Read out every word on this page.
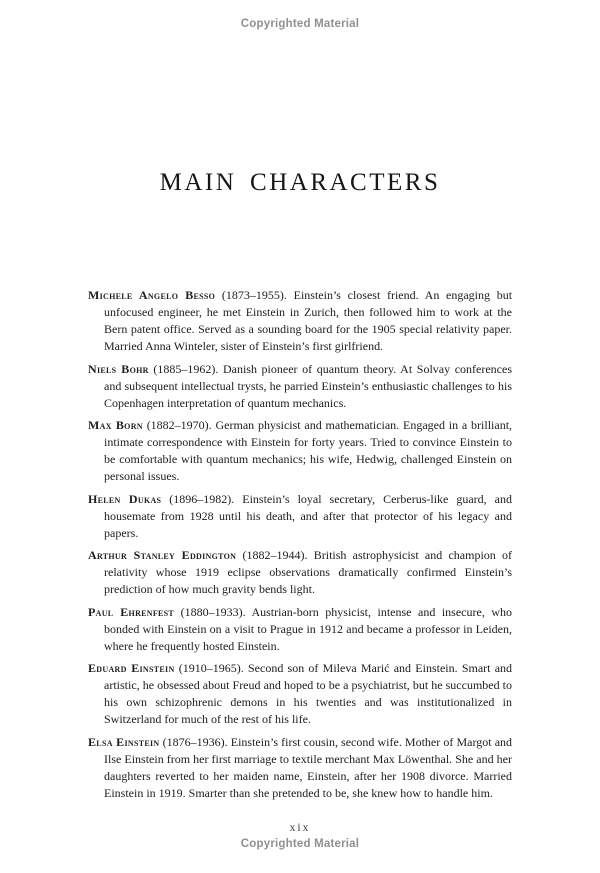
Copyrighted Material
MAIN CHARACTERS

Michele Angelo Besso (1873–1955). Einstein’s closest friend. An engaging but unfocused engineer, he met Einstein in Zurich, then followed him to work at the Bern patent office. Served as a sounding board for the 1905 special relativity paper. Married Anna Winteler, sister of Einstein’s first girlfriend.

Niels Bohr (1885–1962). Danish pioneer of quantum theory. At Solvay conferences and subsequent intellectual trysts, he parried Einstein’s enthusiastic challenges to his Copenhagen interpretation of quantum mechanics.

Max Born (1882–1970). German physicist and mathematician. Engaged in a brilliant, intimate correspondence with Einstein for forty years. Tried to convince Einstein to be comfortable with quantum mechanics; his wife, Hedwig, challenged Einstein on personal issues.

Helen Dukas (1896–1982). Einstein’s loyal secretary, Cerberus-like guard, and housemate from 1928 until his death, and after that protector of his legacy and papers.

Arthur Stanley Eddington (1882–1944). British astrophysicist and champion of relativity whose 1919 eclipse observations dramatically confirmed Einstein’s prediction of how much gravity bends light.

Paul Ehrenfest (1880–1933). Austrian-born physicist, intense and insecure, who bonded with Einstein on a visit to Prague in 1912 and became a professor in Leiden, where he frequently hosted Einstein.

Eduard Einstein (1910–1965). Second son of Mileva Marić and Einstein. Smart and artistic, he obsessed about Freud and hoped to be a psychiatrist, but he succumbed to his own schizophrenic demons in his twenties and was institutionalized in Switzerland for much of the rest of his life.

Elsa Einstein (1876–1936). Einstein’s first cousin, second wife. Mother of Margot and Ilse Einstein from her first marriage to textile merchant Max Löwenthal. She and her daughters reverted to her maiden name, Einstein, after her 1908 divorce. Married Einstein in 1919. Smarter than she pretended to be, she knew how to handle him.

xix
Copyrighted Material
